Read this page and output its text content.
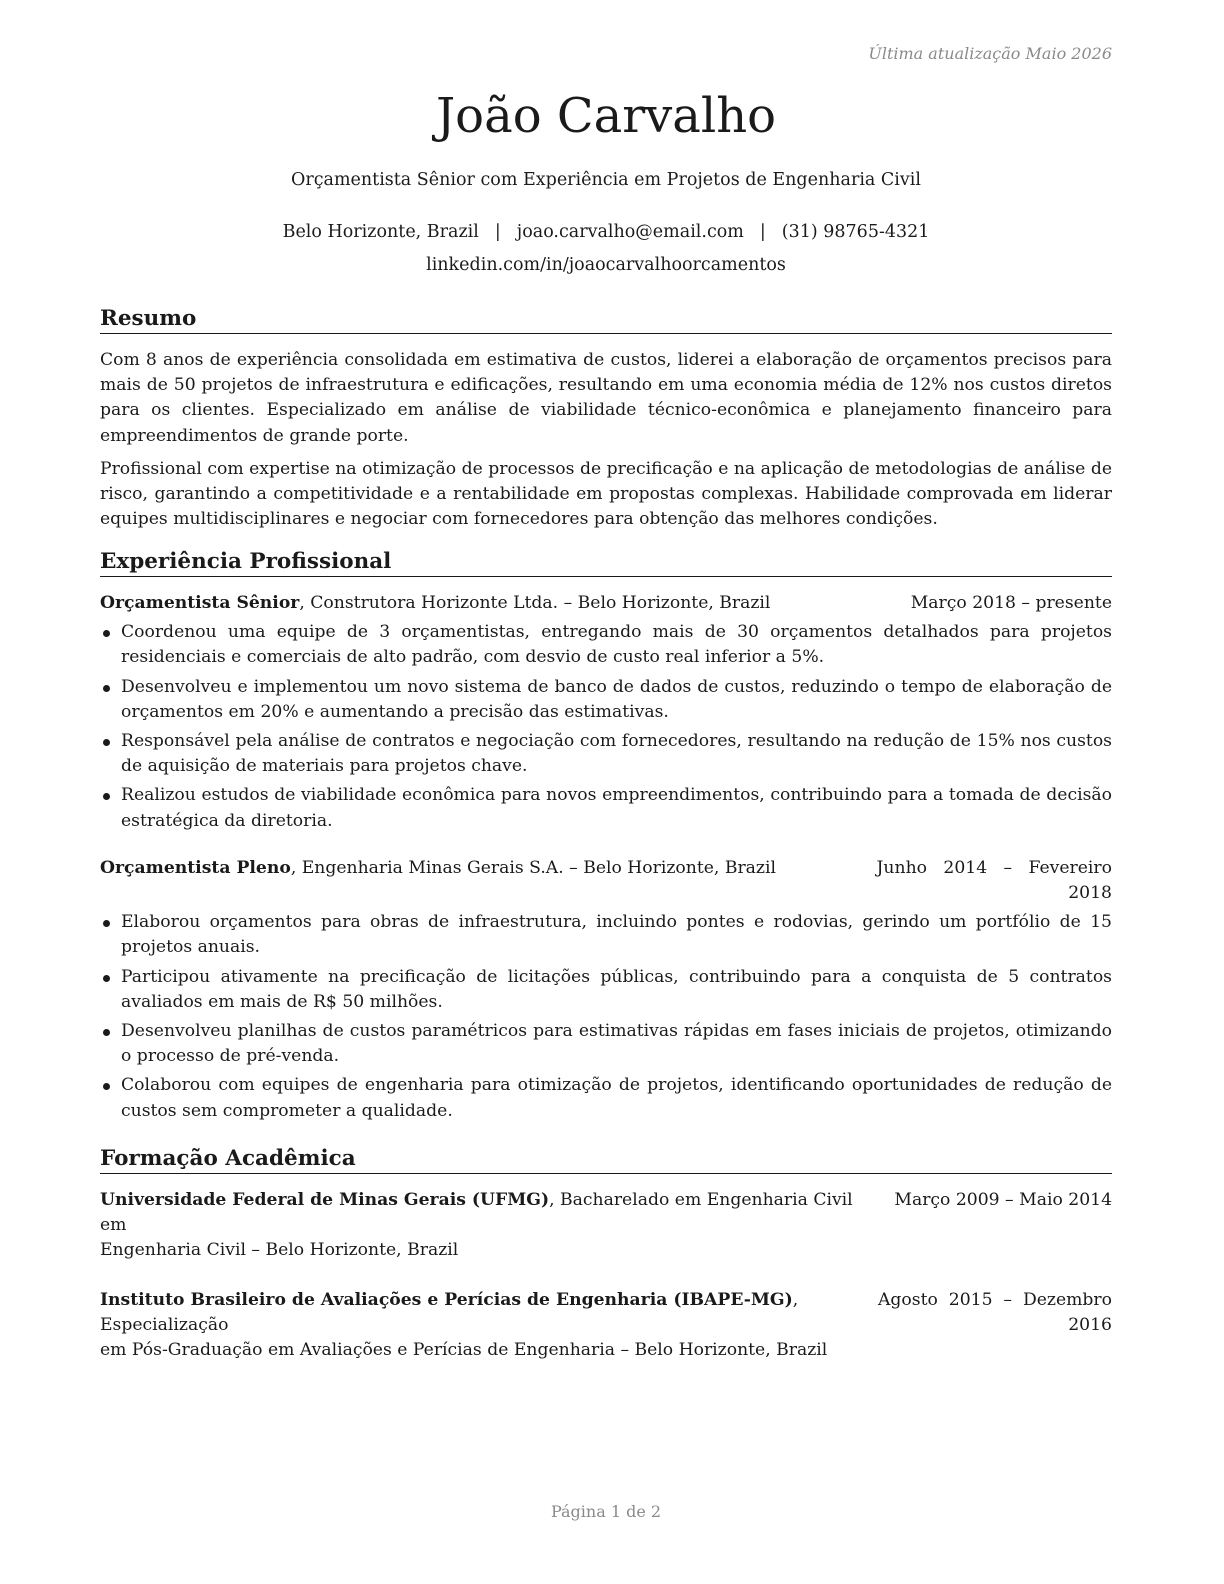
Última atualização Maio 2026
João Carvalho
Orçamentista Sênior com Experiência em Projetos de Engenharia Civil
Belo Horizonte, Brazil | joao.carvalho@email.com | (31) 98765-4321
linkedin.com/in/joaocarvalhoorcamentos
Resumo

Com 8 anos de experiência consolidada em estimativa de custos, liderei a elaboração de orçamentos precisos para mais de 50 projetos de infraestrutura e edificações, resultando em uma economia média de 12% nos custos diretos para os clientes. Especializado em análise de viabilidade técnico-econômica e planejamento financeiro para empreendimentos de grande porte.

Profissional com expertise na otimização de processos de precificação e na aplicação de metodologias de análise de risco, garantindo a competitividade e a rentabilidade em propostas complexas. Habilidade comprovada em liderar equipes multidisciplinares e negociar com fornecedores para obtenção das melhores condições.

Experiência Profissional
Orçamentista Sênior, Construtora Horizonte Ltda. – Belo Horizonte, Brazil	Março 2018 – presente
Coordenou uma equipe de 3 orçamentistas, entregando mais de 30 orçamentos detalhados para projetos residenciais e comerciais de alto padrão, com desvio de custo real inferior a 5%.
Desenvolveu e implementou um novo sistema de banco de dados de custos, reduzindo o tempo de elaboração de orçamentos em 20% e aumentando a precisão das estimativas.
Responsável pela análise de contratos e negociação com fornecedores, resultando na redução de 15% nos custos de aquisição de materiais para projetos chave.
Realizou estudos de viabilidade econômica para novos empreendimentos, contribuindo para a tomada de decisão estratégica da diretoria.
Orçamentista Pleno, Engenharia Minas Gerais S.A. – Belo Horizonte, Brazil	Junho   2014   –   Fevereiro
2018
Elaborou orçamentos para obras de infraestrutura, incluindo pontes e rodovias, gerindo um portfólio de 15 projetos anuais.
Participou ativamente na precificação de licitações públicas, contribuindo para a conquista de 5 contratos avaliados em mais de R$ 50 milhões.
Desenvolveu planilhas de custos paramétricos para estimativas rápidas em fases iniciais de projetos, otimizando o processo de pré-venda.
Colaborou com equipes de engenharia para otimização de projetos, identificando oportunidades de redução de custos sem comprometer a qualidade.
Formação Acadêmica
Universidade Federal de Minas Gerais (UFMG), Bacharelado em Engenharia Civil em
Engenharia Civil – Belo Horizonte, Brazil
Março 2009 – Maio 2014
Instituto Brasileiro de Avaliações e Perícias de Engenharia (IBAPE-MG), Especialização
em Pós-Graduação em Avaliações e Perícias de Engenharia – Belo Horizonte, Brazil
Agosto  2015  –  Dezembro
2016
Página 1 de 2
